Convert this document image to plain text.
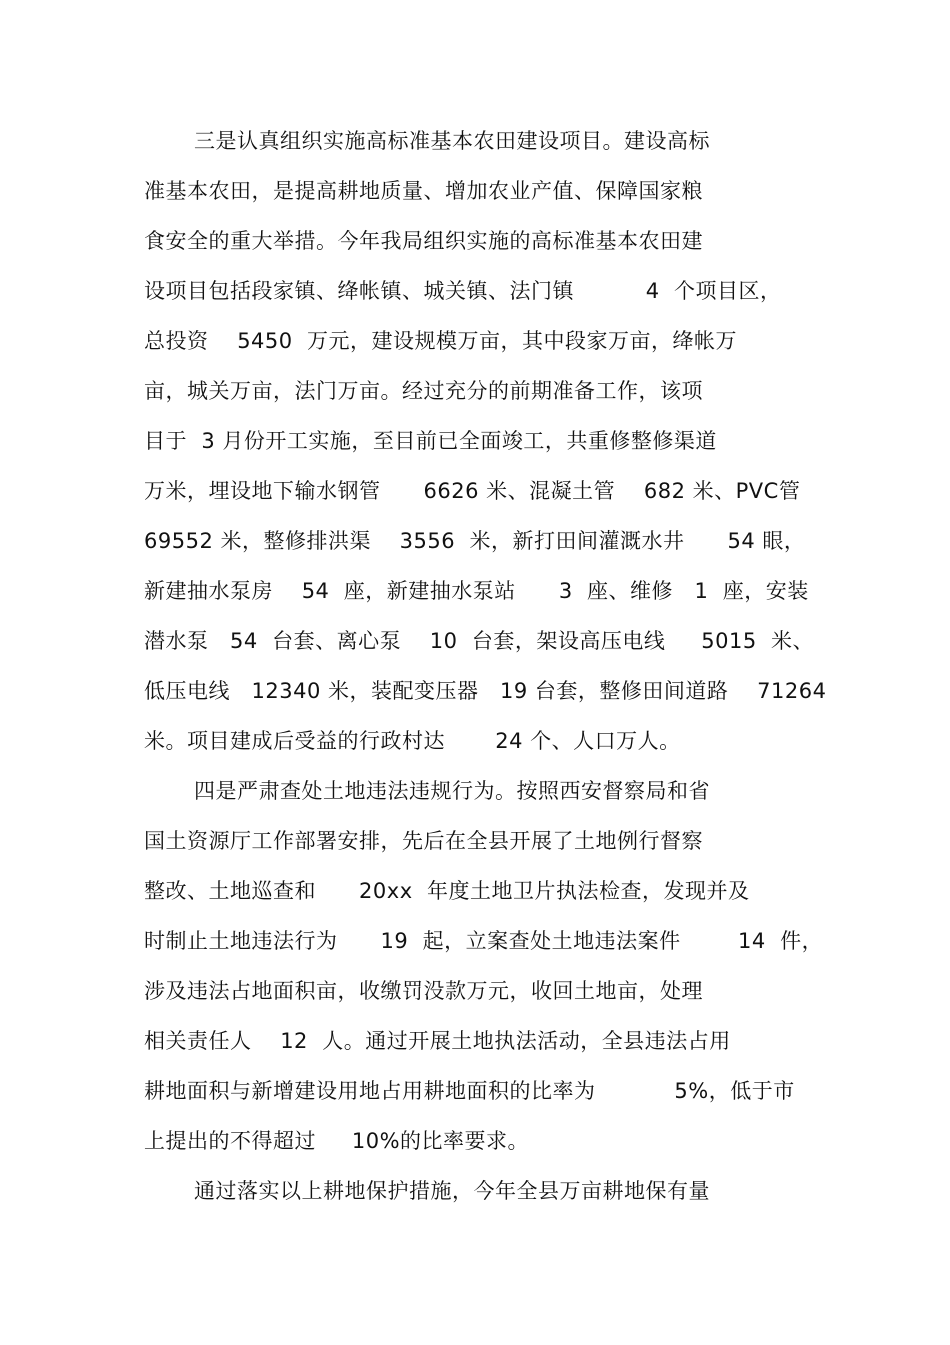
三是认真组织实施高标准基本农田建设项目。建设高标
准基本农田，是提高耕地质量、增加农业产值、保障国家粮
食安全的重大举措。今年我局组织实施的高标准基本农田建
设项目包括段家镇、绛帐镇、城关镇、法门镇          4  个项目区，
总投资    5450  万元，建设规模万亩，其中段家万亩，绛帐万
亩，城关万亩，法门万亩。经过充分的前期准备工作，该项
目于  3 月份开工实施，至目前已全面竣工，共重修整修渠道
万米，埋设地下输水钢管      6626 米、混凝土管    682 米、PVC管
69552 米，整修排洪渠    3556  米，新打田间灌溉水井      54 眼，
新建抽水泵房    54  座，新建抽水泵站      3  座、维修   1  座，安装
潜水泵   54  台套、离心泵    10  台套，架设高压电线     5015  米、
低压电线   12340 米，装配变压器   19 台套，整修田间道路    71264
米。项目建成后受益的行政村达       24 个、人口万人。
四是严肃查处土地违法违规行为。按照西安督察局和省
国土资源厅工作部署安排，先后在全县开展了土地例行督察
整改、土地巡查和      20xx  年度土地卫片执法检查，发现并及
时制止土地违法行为      19  起，立案查处土地违法案件        14  件，
涉及违法占地面积亩，收缴罚没款万元，收回土地亩，处理
相关责任人    12  人。通过开展土地执法活动，全县违法占用
耕地面积与新增建设用地占用耕地面积的比率为           5%，低于市
上提出的不得超过     10%的比率要求。
通过落实以上耕地保护措施，今年全县万亩耕地保有量
